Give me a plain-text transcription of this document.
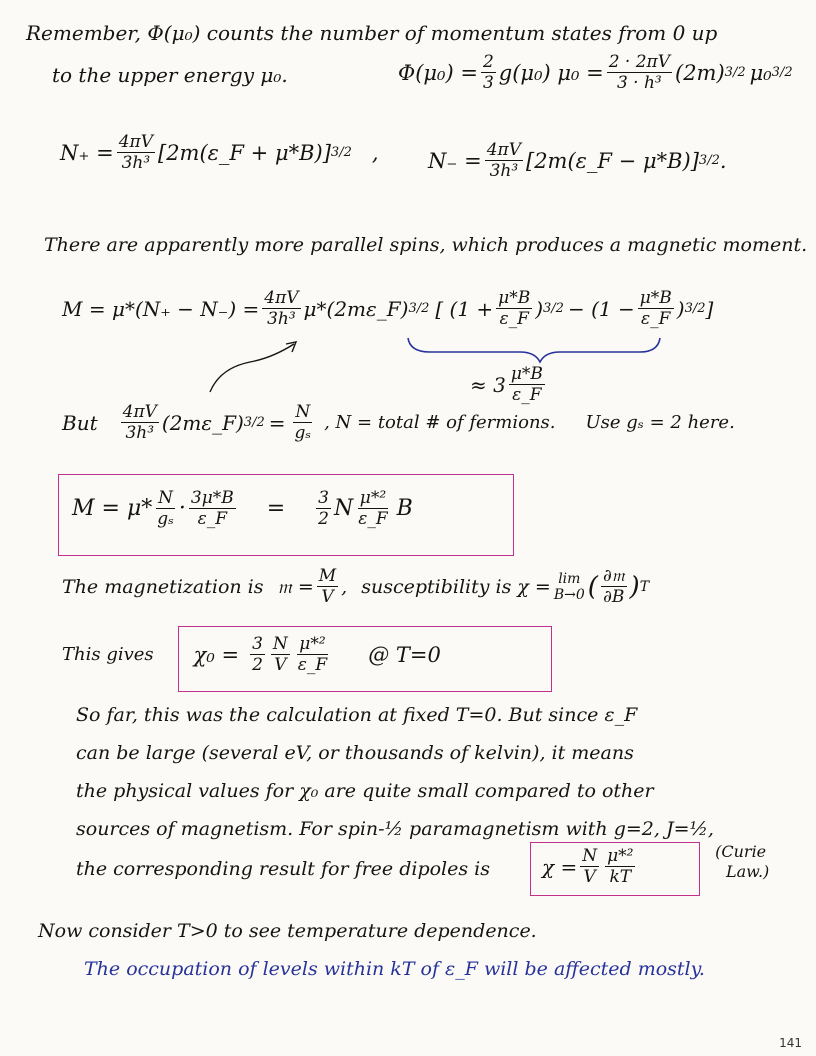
Remember, Φ(μ₀) counts the number of momentum states from 0 up
to the upper energy μ₀.	$\Phi(\mu_0) = \frac{2}{3} g(\mu_0) \mu_0 = \frac{2 \cdot 2\pi V}{\text{3 · h³}} (2m)$ 3/2 μ₀ 3/2
$N_+ = \frac{4\pi V}{\text{3h³}}$ [2m(ε_F + μ*B)] 3/2 , $N_- = \frac{4\pi V}{\text{3h³}}$ [2m(ε_F − μ*B)] 3/2 .
There are apparently more parallel spins, which produces a magnetic moment.
$M = \mu*(N_+ - N_-) = \frac{4\pi V}{\text{3h³}}$ μ*(2mε_F) 3/2 [ ($1 + \frac{\mu*B}{\varepsilon\_F}$ ) $3/2 - (1 - \frac{\mu*B}{\varepsilon\_F}$ ) 3/2 ]
≈ $3 \frac{\mu*B}{\varepsilon\_F}$
But $\frac{4\pi V}{\text{3h³}}$ (2mε_F) $3/2 = \frac{N}{\text{gₛ}}$ , N = total # of fermions. Use gₛ = 2 here.
$M = \mu* \frac{N}{\text{gₛ}} \cdot \frac{3\mu*B}{\varepsilon\_F} = \frac{3}{2}$ N $\frac{\text{μ*²}}{\varepsilon\_F}$ B
The magnetization is 𝔪 = $\frac{M}{V}$ , susceptibility is χ = lim
B→0 ( $\frac{\text{∂𝔪}}{\partial B}$ ) T
This gives $\chi_0 = \frac{3}{2} \frac{N}{V} \frac{\text{μ*²}}{\varepsilon\_F}$ @ T=0
So far, this was the calculation at fixed T=0. But since ε_F
can be large (several eV, or thousands of kelvin), it means
the physical values for χ₀ are quite small compared to other
sources of magnetism. For spin-½ paramagnetism with g=2, J=½,
the corresponding result for free dipoles is	$\chi = \frac{N}{V} \frac{\text{μ*²}}{kT}$	(Curie
Law.)
Now consider T>0 to see temperature dependence.
The occupation of levels within kT of ε_F will be affected mostly.
141
